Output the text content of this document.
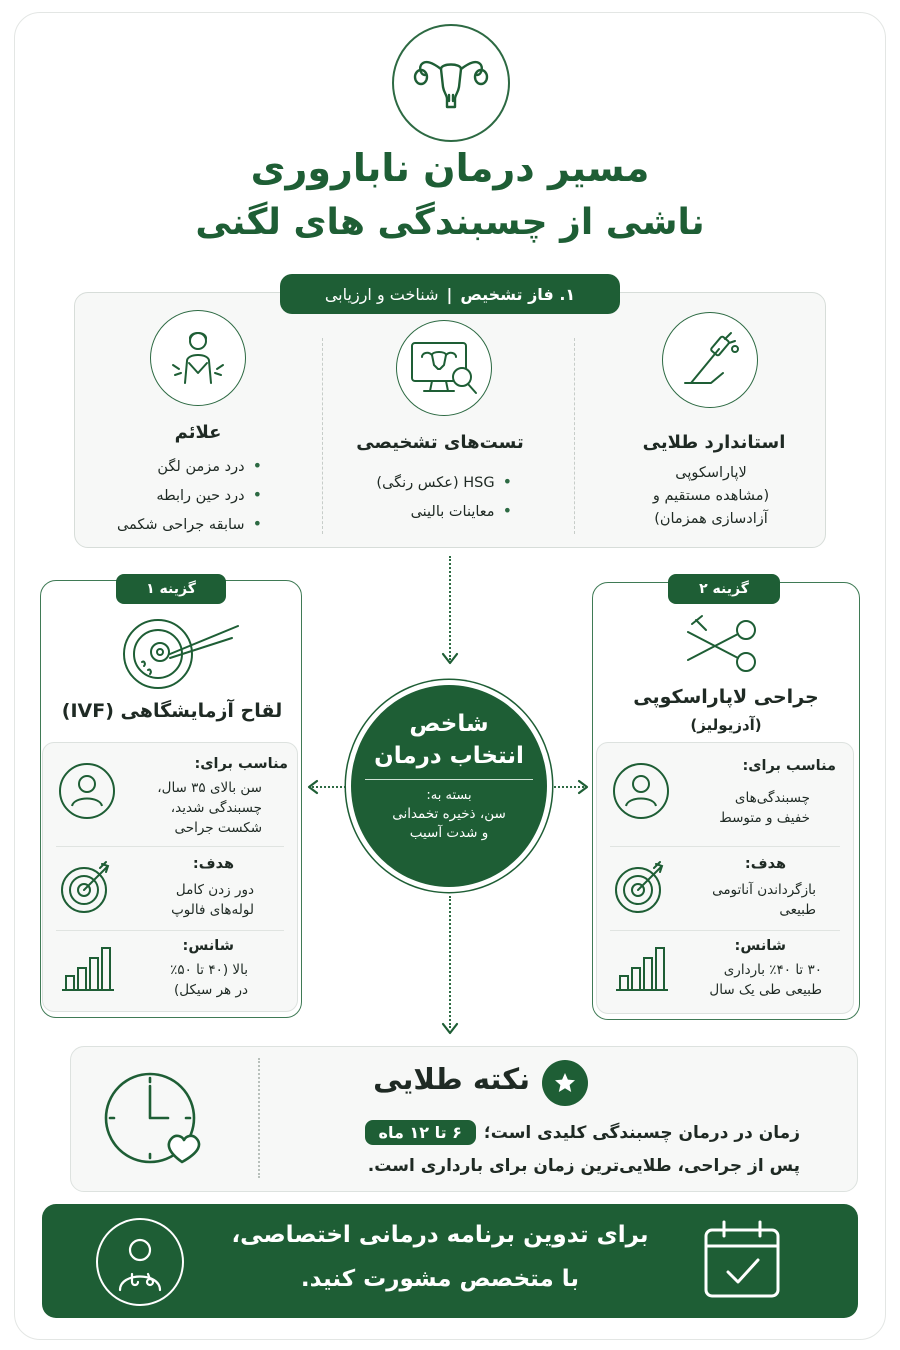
مسیر درمان ناباروری
ناشی از چسبندگی های لگنی
۱. فاز تشخیص
|
شناخت و ارزیابی
علائم
• درد مزمن لگن
• درد حین رابطه
• سابقه جراحی شکمی
تست‌های تشخیصی
• HSG (عکس رنگی)
• معاینات بالینی
استاندارد طلایی
لاپاراسکوپی
(مشاهده مستقیم و
آزادسازی همزمان)
شاخص
انتخاب درمان
بسته به:
سن، ذخیره تخمدانی
و شدت آسیب
گزینه ۱
لقاح آزمایشگاهی (IVF)
مناسب برای:
سن بالای ۳۵ سال،
چسبندگی شدید،
شکست جراحی
هدف:
دور زدن کامل
لوله‌های فالوپ
شانس:
بالا (۴۰ تا ۵۰٪
در هر سیکل)
گزینه ۲
جراحی لاپاراسکوپی
(آدزیولیز)
مناسب برای:
چسبندگی‌های
خفیف و متوسط
هدف:
بازگرداندن آناتومی
طبیعی
شانس:
۳۰ تا ۴۰٪ بارداری
طبیعی طی یک سال
نکته طلایی
زمان در درمان چسبندگی کلیدی است؛
۶ تا ۱۲ ماه
پس از جراحی، طلایی‌ترین زمان برای بارداری است.
برای تدوین برنامه درمانی اختصاصی،
با متخصص مشورت کنید.
